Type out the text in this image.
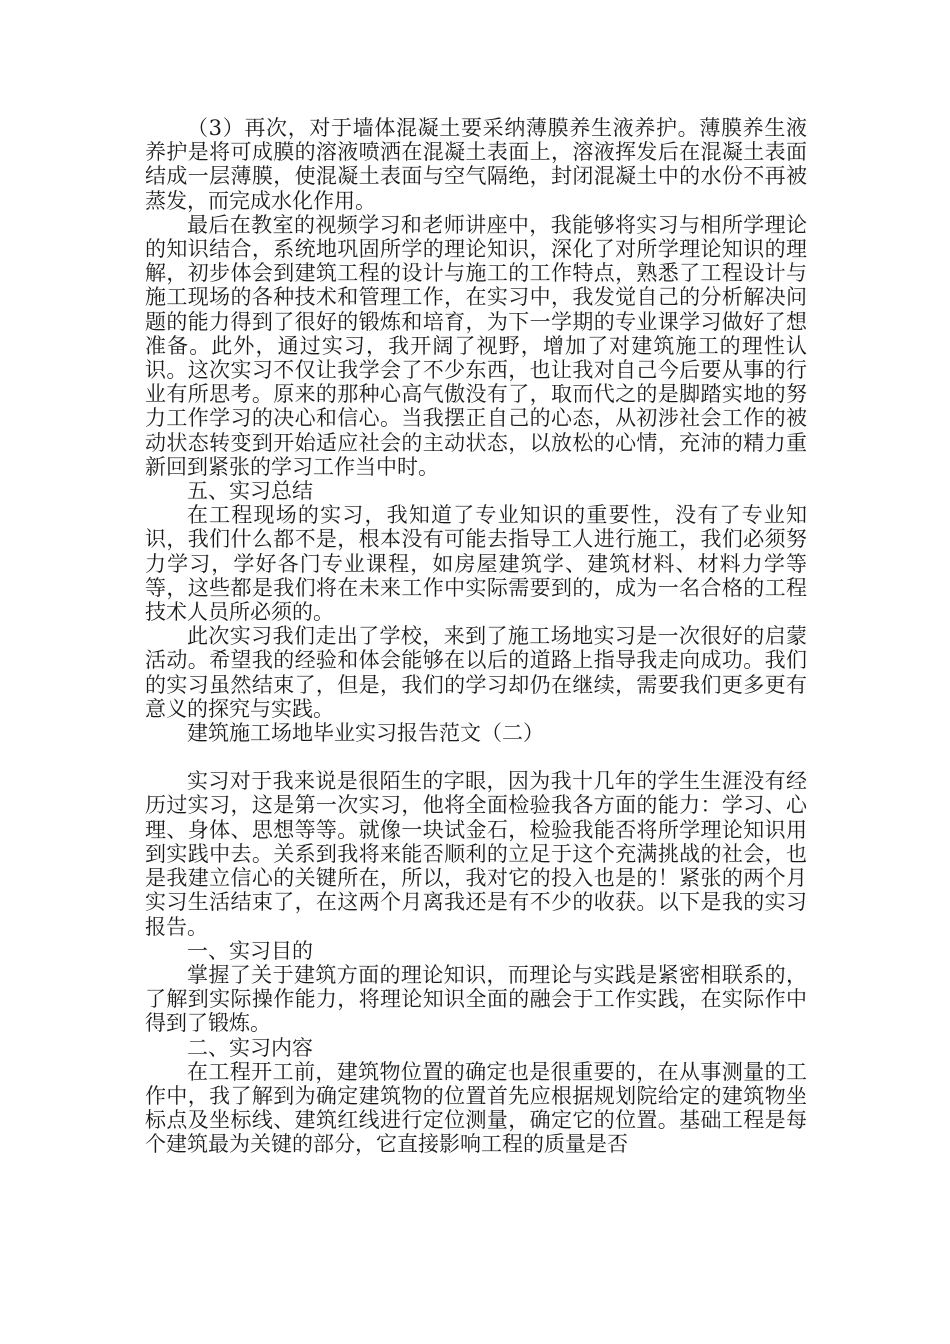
（3）再次，对于墙体混凝土要采纳薄膜养生液养护。薄膜养生液养护是将可成膜的溶液喷洒在混凝土表面上，溶液挥发后在混凝土表面结成一层薄膜，使混凝土表面与空气隔绝，封闭混凝土中的水份不再被蒸发，而完成水化作用。

最后在教室的视频学习和老师讲座中，我能够将实习与相所学理论的知识结合，系统地巩固所学的理论知识，深化了对所学理论知识的理解，初步体会到建筑工程的设计与施工的工作特点，熟悉了工程设计与施工现场的各种技术和管理工作，在实习中，我发觉自己的分析解决问题的能力得到了很好的锻炼和培育，为下一学期的专业课学习做好了想准备。此外，通过实习，我开阔了视野，增加了对建筑施工的理性认识。这次实习不仅让我学会了不少东西，也让我对自己今后要从事的行业有所思考。原来的那种心高气傲没有了，取而代之的是脚踏实地的努力工作学习的决心和信心。当我摆正自己的心态，从初涉社会工作的被动状态转变到开始适应社会的主动状态，以放松的心情，充沛的精力重新回到紧张的学习工作当中时。

五、实习总结

在工程现场的实习，我知道了专业知识的重要性，没有了专业知识，我们什么都不是，根本没有可能去指导工人进行施工，我们必须努力学习，学好各门专业课程，如房屋建筑学、建筑材料、材料力学等等，这些都是我们将在未来工作中实际需要到的，成为一名合格的工程技术人员所必须的。

此次实习我们走出了学校，来到了施工场地实习是一次很好的启蒙活动。希望我的经验和体会能够在以后的道路上指导我走向成功。我们的实习虽然结束了，但是，我们的学习却仍在继续，需要我们更多更有意义的探究与实践。

建筑施工场地毕业实习报告范文（二）

实习对于我来说是很陌生的字眼，因为我十几年的学生生涯没有经历过实习，这是第一次实习，他将全面检验我各方面的能力：学习、心理、身体、思想等等。就像一块试金石，检验我能否将所学理论知识用到实践中去。关系到我将来能否顺利的立足于这个充满挑战的社会，也是我建立信心的关键所在，所以，我对它的投入也是的！紧张的两个月实习生活结束了，在这两个月离我还是有不少的收获。以下是我的实习报告。

一、实习目的

掌握了关于建筑方面的理论知识，而理论与实践是紧密相联系的，了解到实际操作能力，将理论知识全面的融会于工作实践，在实际作中得到了锻炼。

二、实习内容

在工程开工前，建筑物位置的确定也是很重要的，在从事测量的工作中，我了解到为确定建筑物的位置首先应根据规划院给定的建筑物坐标点及坐标线、建筑红线进行定位测量，确定它的位置。基础工程是每个建筑最为关键的部分，它直接影响工程的质量是否
